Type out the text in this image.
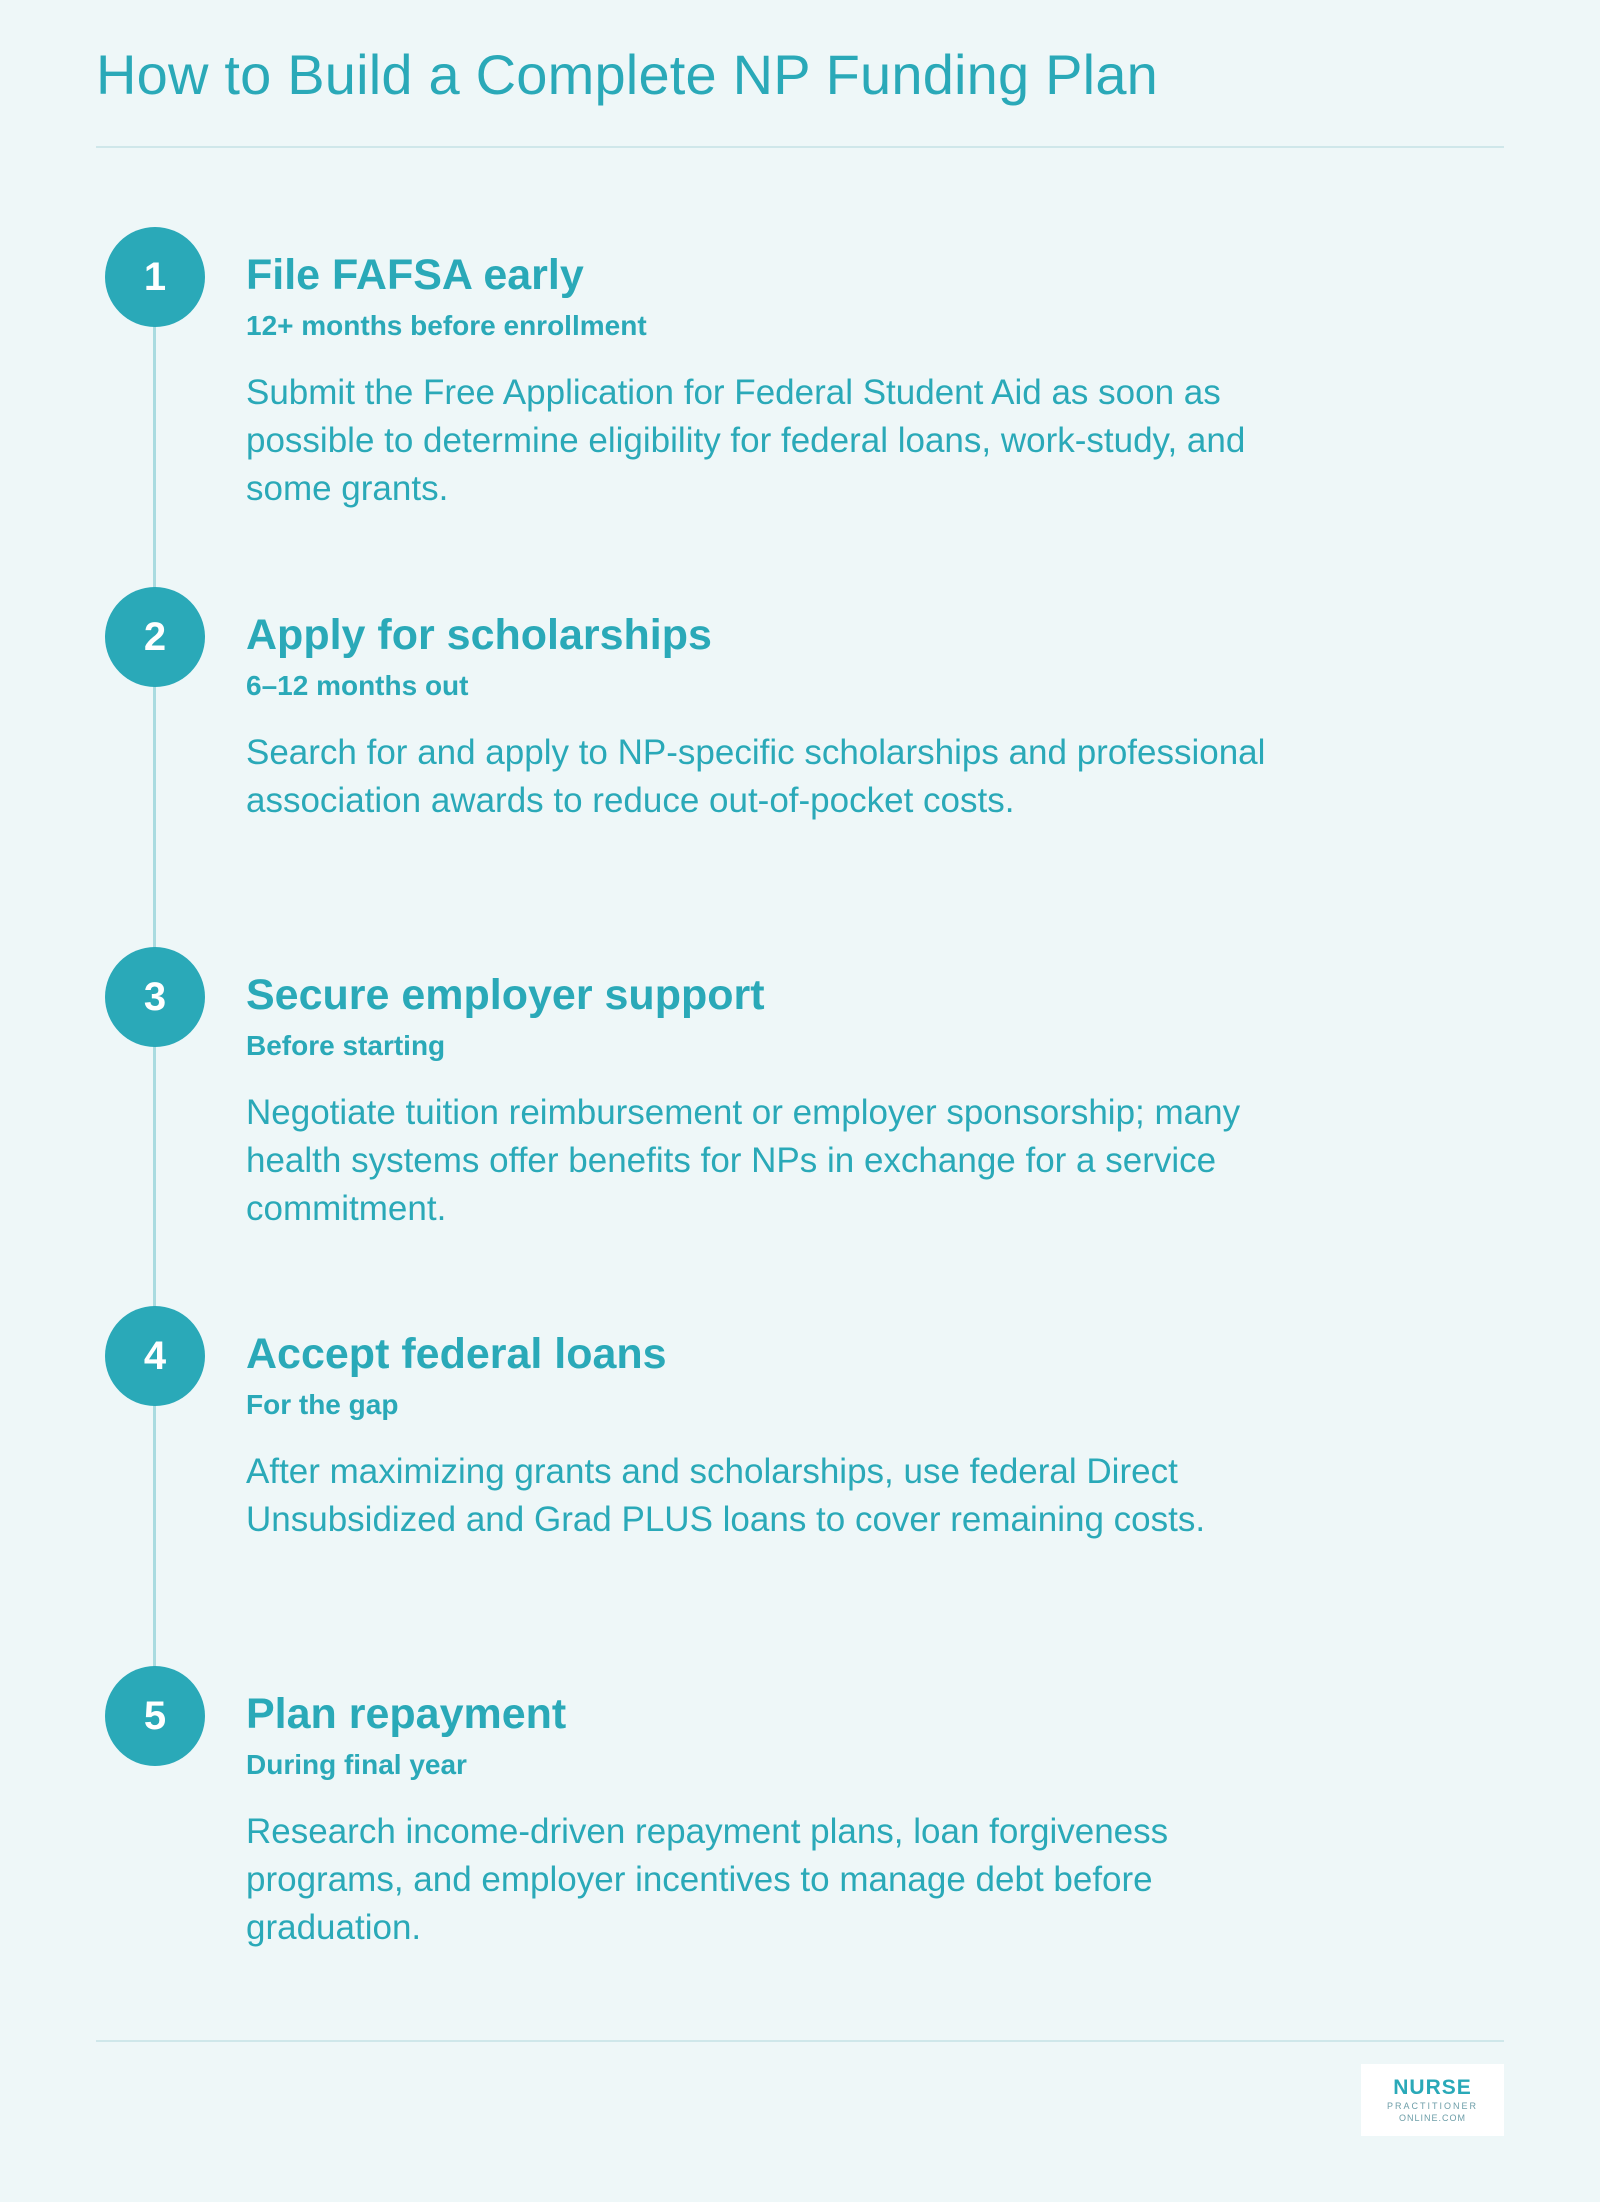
How to Build a Complete NP Funding Plan
1	File FAFSA early

12+ months before enrollment

Submit the Free Application for Federal Student Aid as soon as possible to determine eligibility for federal loans, work-study, and some grants.

2	Apply for scholarships

6–12 months out

Search for and apply to NP-specific scholarships and professional association awards to reduce out-of-pocket costs.

3	Secure employer support

Before starting

Negotiate tuition reimbursement or employer sponsorship; many health systems offer benefits for NPs in exchange for a service commitment.

4	Accept federal loans

For the gap

After maximizing grants and scholarships, use federal Direct Unsubsidized and Grad PLUS loans to cover remaining costs.

5	Plan repayment

During final year

Research income-driven repayment plans, loan forgiveness programs, and employer incentives to manage debt before graduation.

NURSE
PRACTITIONER
ONLINE.COM
